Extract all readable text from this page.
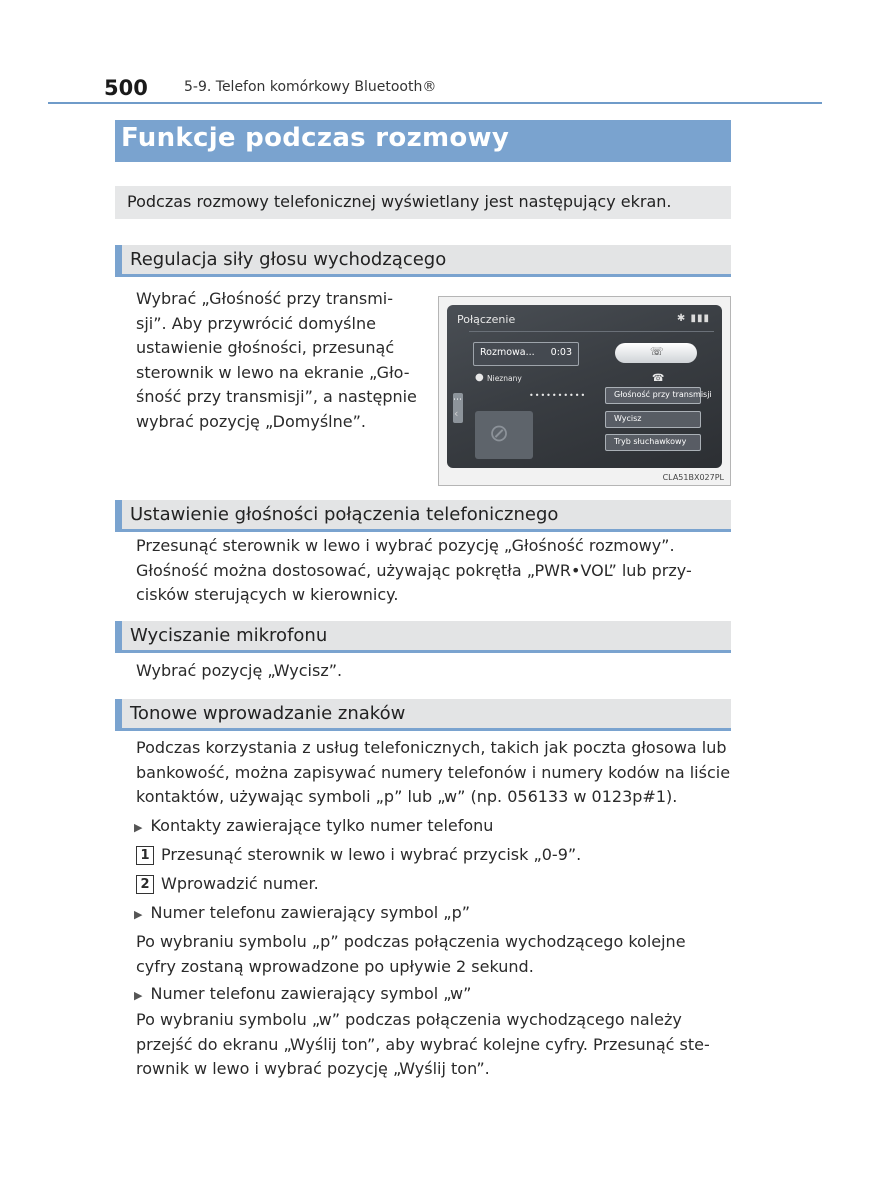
500	5-9. Telefon komórkowy Bluetooth®
Funkcje podczas rozmowy
Podczas rozmowy telefonicznej wyświetlany jest następujący ekran.
Regulacja siły głosu wychodzącego
Wybrać „Głośność przy transmi-
sji”. Aby przywrócić domyślne
ustawienie głośności, przesunąć
sterownik w lewo na ekranie „Gło-
śność przy transmisji”, a następnie
wybrać pozycję „Domyślne”.
Połączenie	✱ ▮▮▮
Rozmowa... 0:03	☏
● Nieznany
••••••••••
☎
Głośność przy transmisji
Wycisz
Tryb słuchawkowy
⋯
‹
⊘
CLA51BX027PL
Ustawienie głośności połączenia telefonicznego
Przesunąć sterownik w lewo i wybrać pozycję „Głośność rozmowy”.
Głośność można dostosować, używając pokrętła „PWR•VOL” lub przy-
cisków sterujących w kierownicy.
Wyciszanie mikrofonu
Wybrać pozycję „Wycisz”.
Tonowe wprowadzanie znaków
Podczas korzystania z usług telefonicznych, takich jak poczta głosowa lub
bankowość, można zapisywać numery telefonów i numery kodów na liście
kontaktów, używając symboli „p” lub „w” (np. 056133 w 0123p#1).
▶ Kontakty zawierające tylko numer telefonu
1 Przesunąć sterownik w lewo i wybrać przycisk „0-9”.
2 Wprowadzić numer.
▶ Numer telefonu zawierający symbol „p”
Po wybraniu symbolu „p” podczas połączenia wychodzącego kolejne
cyfry zostaną wprowadzone po upływie 2 sekund.
▶ Numer telefonu zawierający symbol „w”
Po wybraniu symbolu „w” podczas połączenia wychodzącego należy
przejść do ekranu „Wyślij ton”, aby wybrać kolejne cyfry. Przesunąć ste-
rownik w lewo i wybrać pozycję „Wyślij ton”.
